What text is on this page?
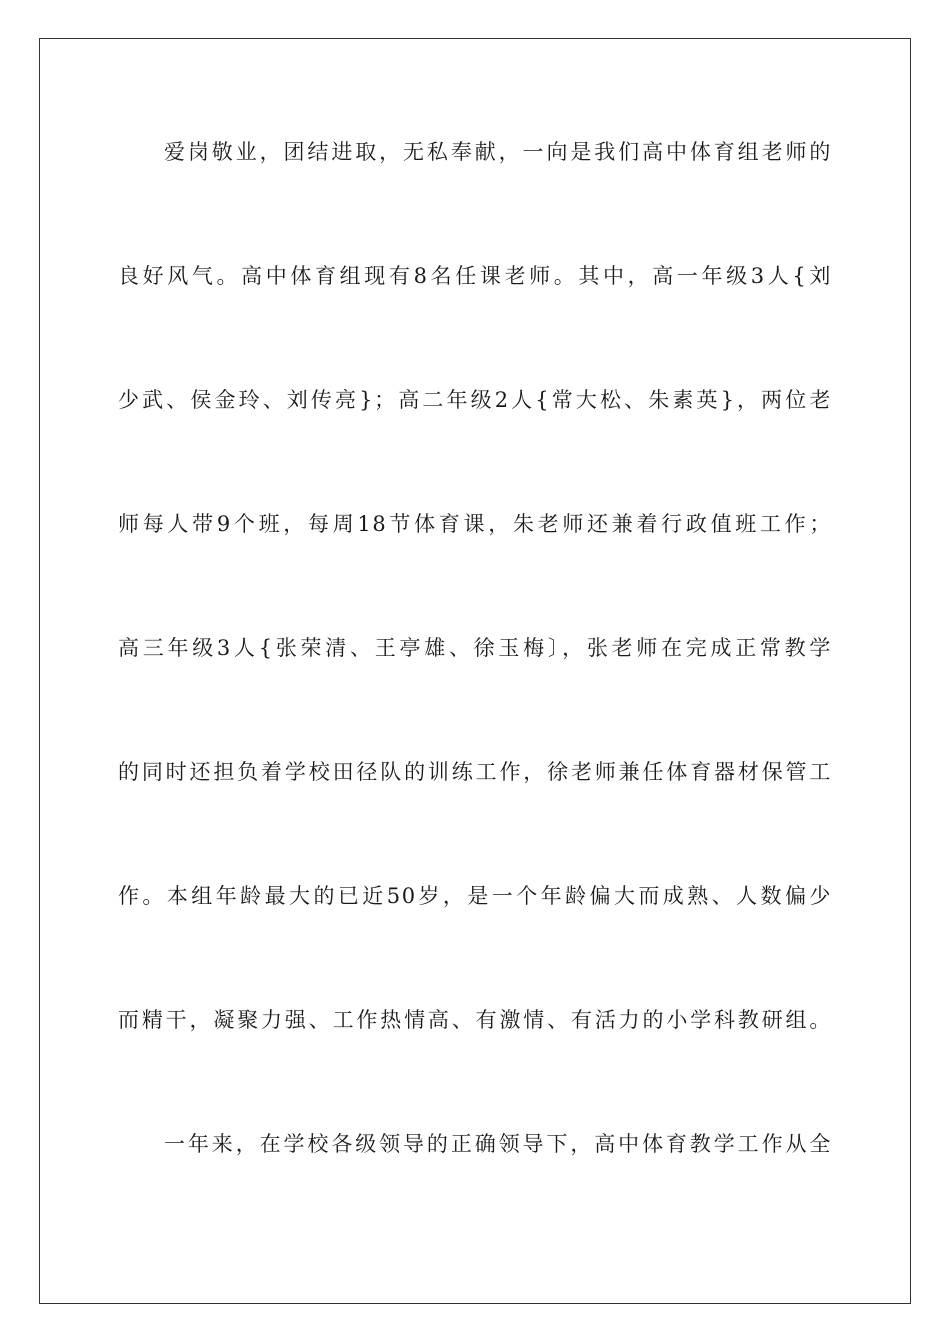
爱岗敬业，团结进取，无私奉献，一向是我们高中体育组老师的
良好风气。高中体育组现有8名任课老师。其中，高一年级3人{刘
少武、侯金玲、刘传亮}；高二年级2人{常大松、朱素英}，两位老
师每人带9个班，每周18节体育课，朱老师还兼着行政值班工作；
高三年级3人{张荣清、王亭雄、徐玉梅〕，张老师在完成正常教学
的同时还担负着学校田径队的训练工作，徐老师兼任体育器材保管工
作。本组年龄最大的已近50岁，是一个年龄偏大而成熟、人数偏少
而精干，凝聚力强、工作热情高、有激情、有活力的小学科教研组。
一年来，在学校各级领导的正确领导下，高中体育教学工作从全
